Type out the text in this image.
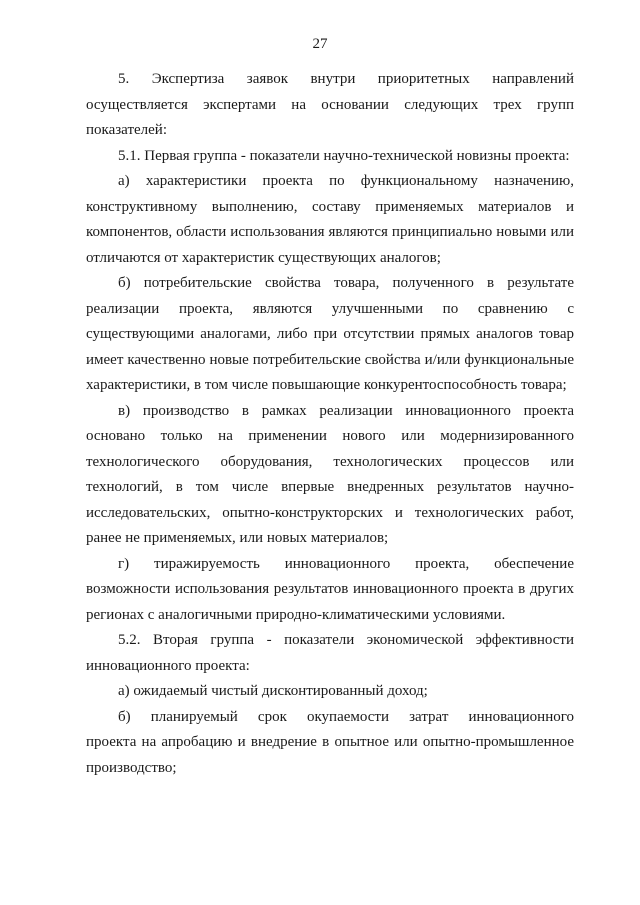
27
5. Экспертиза заявок внутри приоритетных направлений
осуществляется экспертами на основании следующих трех групп
показателей:
5.1. Первая группа - показатели научно-технической новизны проекта:
а) характеристики проекта по функциональному назначению,
конструктивному выполнению, составу применяемых материалов и
компонентов, области использования являются принципиально новыми или
отличаются от характеристик существующих аналогов;
б) потребительские свойства товара, полученного в результате
реализации проекта, являются улучшенными по сравнению с
существующими аналогами, либо при отсутствии прямых аналогов товар
имеет качественно новые потребительские свойства и/или функциональные
характеристики, в том числе повышающие конкурентоспособность товара;
в) производство в рамках реализации инновационного проекта
основано только на применении нового или модернизированного
технологического оборудования, технологических процессов или
технологий, в том числе впервые внедренных результатов научно-
исследовательских, опытно-конструкторских и технологических работ,
ранее не применяемых, или новых материалов;
г) тиражируемость инновационного проекта, обеспечение
возможности использования результатов инновационного проекта в других
регионах с аналогичными природно-климатическими условиями.
5.2. Вторая группа - показатели экономической эффективности
инновационного проекта:
а) ожидаемый чистый дисконтированный доход;
б) планируемый срок окупаемости затрат инновационного
проекта на апробацию и внедрение в опытное или опытно-промышленное
производство;
